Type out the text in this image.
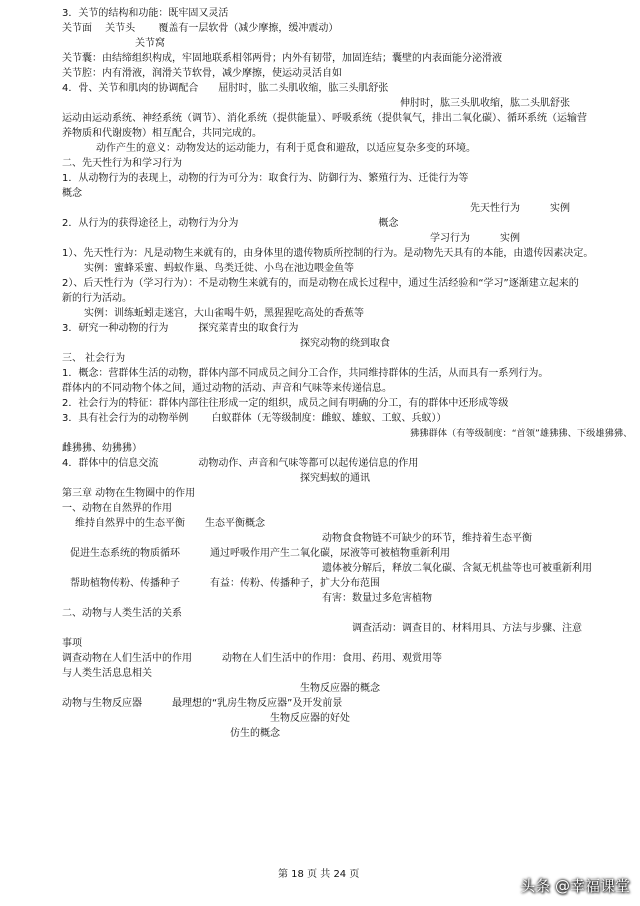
3．关节的结构和功能：既牢固又灵活
关节面　 关节头　　 覆盖有一层软骨（减少摩擦，缓冲震动）
关节窝
关节囊：由结缔组织构成，牢固地联系相邻两骨；内外有韧带，加固连结；囊壁的内表面能分泌滑液
关节腔：内有滑液，润滑关节软骨，减少摩擦，使运动灵活自如
4．骨、关节和肌肉的协调配合　　屈肘时，肱二头肌收缩，肱三头肌舒张
伸肘时，肱三头肌收缩，肱二头肌舒张
运动由运动系统、神经系统（调节）、消化系统（提供能量）、呼吸系统（提供氧气，排出二氧化碳）、循环系统（运输营
养物质和代谢废物）相互配合，共同完成的。
动作产生的意义：动物发达的运动能力，有利于觅食和避敌，以适应复杂多变的环境。
二、先天性行为和学习行为
1．从动物行为的表现上，动物的行为可分为：取食行为、防御行为、繁殖行为、迁徙行为等
概念
先天性行为　　　实例
2．从行为的获得途径上，动物行为分为　　　　　　　　　　　　　　概念
学习行为　　　实例
1）、先天性行为：凡是动物生来就有的，由身体里的遗传物质所控制的行为。是动物先天具有的本能，由遗传因素决定。
实例：蜜蜂采蜜、蚂蚁作巢、鸟类迁徙、小鸟在池边喂金鱼等
2）、后天性行为（学习行为）：不是动物生来就有的，而是动物在成长过程中，通过生活经验和“学习”逐渐建立起来的
新的行为活动。
实例：训练蚯蚓走迷宫，大山雀喝牛奶，黑猩猩吃高处的香蕉等
3．研究一种动物的行为　　　探究菜青虫的取食行为
探究动物的绕到取食
三、 社会行为
1．概念：营群体生活的动物，群体内部不同成员之间分工合作，共同维持群体的生活，从而具有一系列行为。
群体内的不同动物个体之间，通过动物的活动、声音和气味等来传递信息。
2．社会行为的特征：群体内部往往形成一定的组织，成员之间有明确的分工，有的群体中还形成等级
3．具有社会行为的动物举例　　 白蚁群体（无等级制度：雌蚁、雄蚁、工蚁、兵蚁））
狒狒群体（有等级制度：“首领”雄狒狒、下级雄狒狒、
雌狒狒、幼狒狒）
4．群体中的信息交流　　　　动物动作、声音和气味等都可以起传递信息的作用
探究蚂蚁的通讯
第三章 动物在生物圈中的作用
一、动物在自然界的作用
维持自然界中的生态平衡　　生态平衡概念
动物食食物链不可缺少的环节，维持着生态平衡
促进生态系统的物质循环　　　通过呼吸作用产生二氧化碳，尿液等可被植物重新利用
遗体被分解后，释放二氧化碳、含氮无机盐等也可被重新利用
帮助植物传粉、传播种子　　　有益：传粉、传播种子，扩大分布范围
有害：数量过多危害植物
二、动物与人类生活的关系
调查活动：调查目的、材料用具、方法与步骤、注意
事项
调查动物在人们生活中的作用　　　动物在人们生活中的作用：食用、药用、观赏用等
与人类生活息息相关
生物反应器的概念
动物与生物反应器　　　最理想的“乳房生物反应器”及开发前景
生物反应器的好处
仿生的概念
第 18 页 共 24 页
头条 @幸福课堂
